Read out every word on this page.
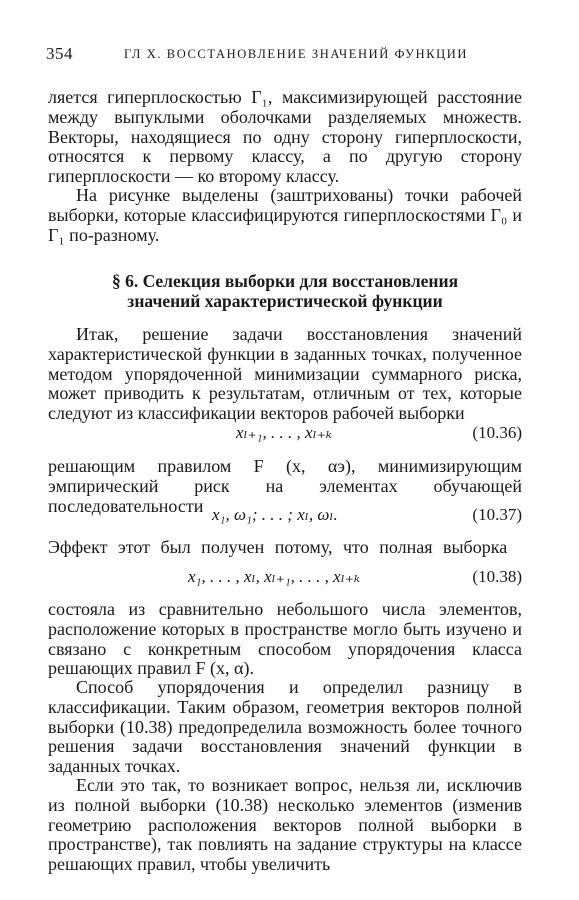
354	ГЛ Х. ВОССТАНОВЛЕНИЕ ЗНАЧЕНИЙ ФУНКЦИИ

ляется гиперплоскостью Γ₁, максимизирующей расстояние между выпуклыми оболочками разделяемых множеств. Векторы, находящиеся по одну сторону гиперплоскости, относятся к первому классу, а по другую сторону гиперплоскости — ко второму классу.

На рисунке выделены (заштрихованы) точки рабочей выборки, которые классифицируются гиперплоскостями Γ₀ и Γ₁ по-разному.

§ 6. Селекция выборки для восстановления
значений характеристической функции

Итак, решение задачи восстановления значений характеристической функции в заданных точках, полученное методом упорядоченной минимизации суммарного риска, может приводить к результатам, отличным от тех, которые следуют из классификации векторов рабочей выборки

xₗ₊₁, . . . , xₗ₊ₖ	(10.36)

решающим правилом F (x, αэ), минимизирующим эмпирический риск на элементах обучающей последовательности x₁, ω₁; . . . ; xₗ, ωₗ.	(10.37)

Эффект этот был получен потому, что полная выборка

x₁, . . . , xₗ, xₗ₊₁, . . . , xₗ₊ₖ	(10.38)

состояла из сравнительно небольшого числа элементов, расположение которых в пространстве могло быть изучено и связано с конкретным способом упорядочения класса решающих правил F (x, α).

Способ упорядочения и определил разницу в классификации. Таким образом, геометрия векторов полной выборки (10.38) предопределила возможность более точного решения задачи восстановления значений функции в заданных точках.

Если это так, то возникает вопрос, нельзя ли, исключив из полной выборки (10.38) несколько элементов (изменив геометрию расположения векторов полной выборки в пространстве), так повлиять на задание структуры на классе решающих правил, чтобы увеличить
